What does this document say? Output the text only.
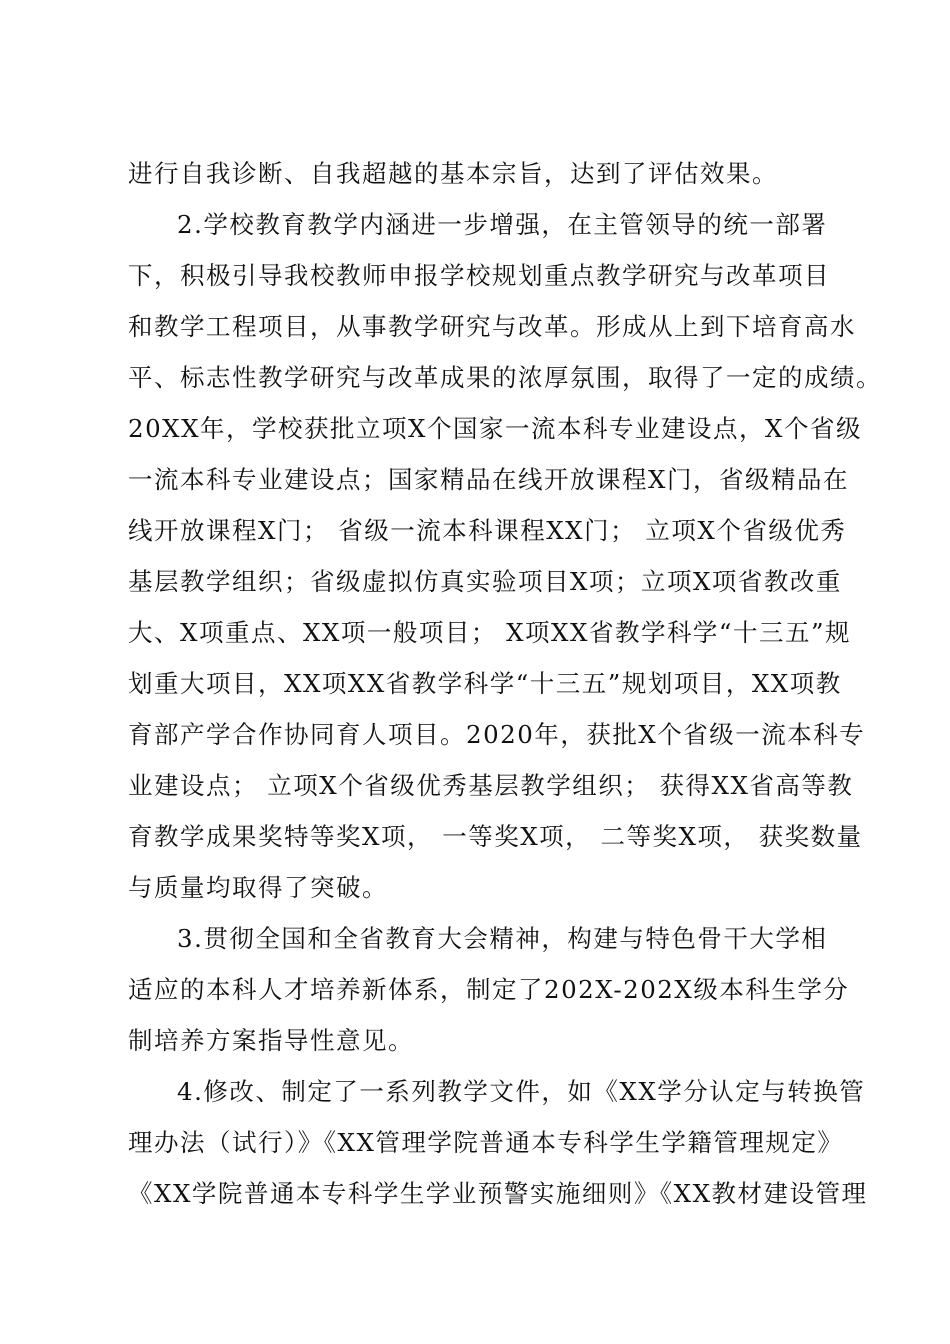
进行自我诊断、自我超越的基本宗旨，达到了评估效果。
2.学校教育教学内涵进一步增强，在主管领导的统一部署
下，积极引导我校教师申报学校规划重点教学研究与改革项目
和教学工程项目，从事教学研究与改革。形成从上到下培育高水
平、标志性教学研究与改革成果的浓厚氛围，取得了一定的成绩。
20XX年，学校获批立项X个国家一流本科专业建设点，X个省级
一流本科专业建设点；国家精品在线开放课程X门，省级精品在
线开放课程X门； 省级一流本科课程XX门； 立项X个省级优秀
基层教学组织；省级虚拟仿真实验项目X项；立项X项省教改重
大、X项重点、XX项一般项目； X项XX省教学科学“十三五”规
划重大项目，XX项XX省教学科学“十三五”规划项目，XX项教
育部产学合作协同育人项目。2020年，获批X个省级一流本科专
业建设点； 立项X个省级优秀基层教学组织； 获得XX省高等教
育教学成果奖特等奖X项， 一等奖X项， 二等奖X项， 获奖数量
与质量均取得了突破。
3.贯彻全国和全省教育大会精神，构建与特色骨干大学相
适应的本科人才培养新体系，制定了202X-202X级本科生学分
制培养方案指导性意见。
4.修改、制定了一系列教学文件，如《XX学分认定与转换管
理办法（试行）》《XX管理学院普通本专科学生学籍管理规定》
《XX学院普通本专科学生学业预警实施细则》《XX教材建设管理
